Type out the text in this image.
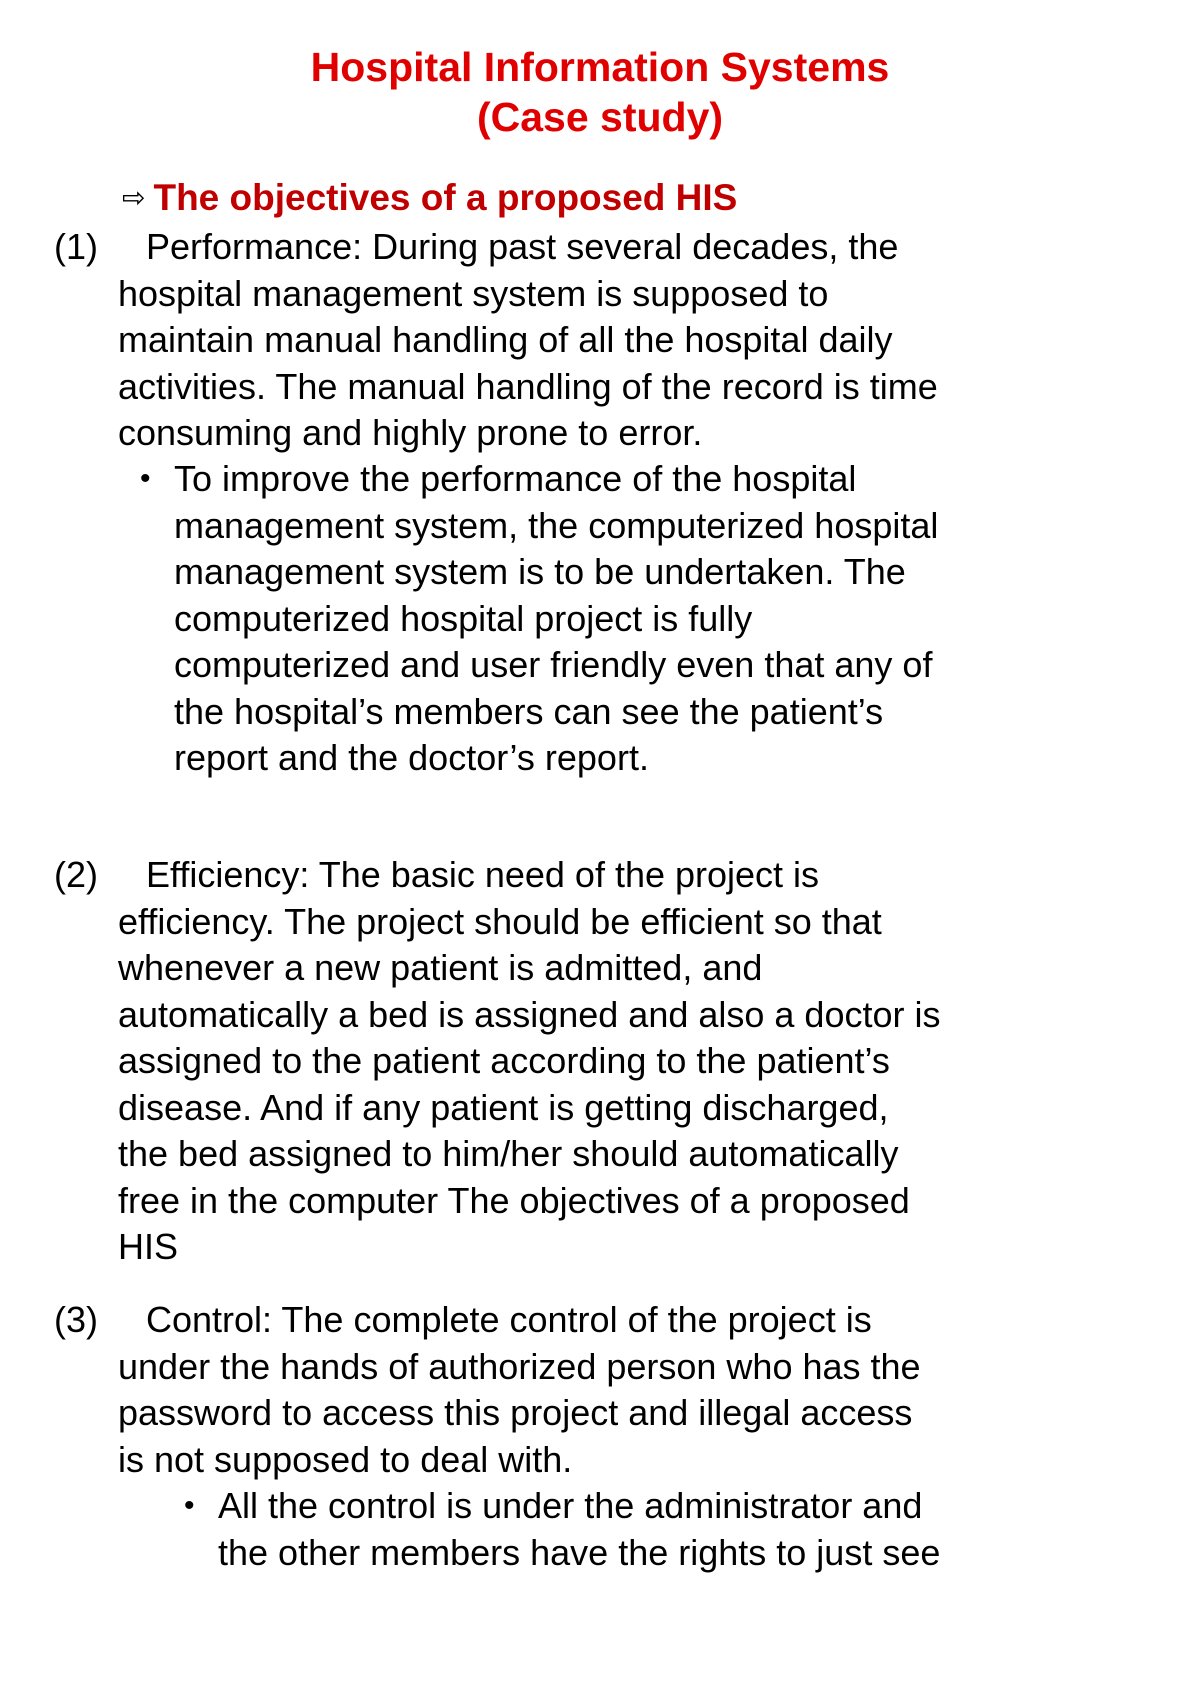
Hospital Information Systems
(Case study)
⇨ The objectives of a proposed HIS
(1) Performance: During past several decades, the
hospital management system is supposed to
maintain manual handling of all the hospital daily
activities. The manual handling of the record is time
consuming and highly prone to error.
• To improve the performance of the hospital
management system, the computerized hospital
management system is to be undertaken. The
computerized hospital project is fully
computerized and user friendly even that any of
the hospital’s members can see the patient’s
report and the doctor’s report.
(2) Efficiency: The basic need of the project is
efficiency. The project should be efficient so that
whenever a new patient is admitted, and
automatically a bed is assigned and also a doctor is
assigned to the patient according to the patient’s
disease. And if any patient is getting discharged,
the bed assigned to him/her should automatically
free in the computer The objectives of a proposed
HIS
(3) Control: The complete control of the project is
under the hands of authorized person who has the
password to access this project and illegal access
is not supposed to deal with.
• All the control is under the administrator and
the other members have the rights to just see
